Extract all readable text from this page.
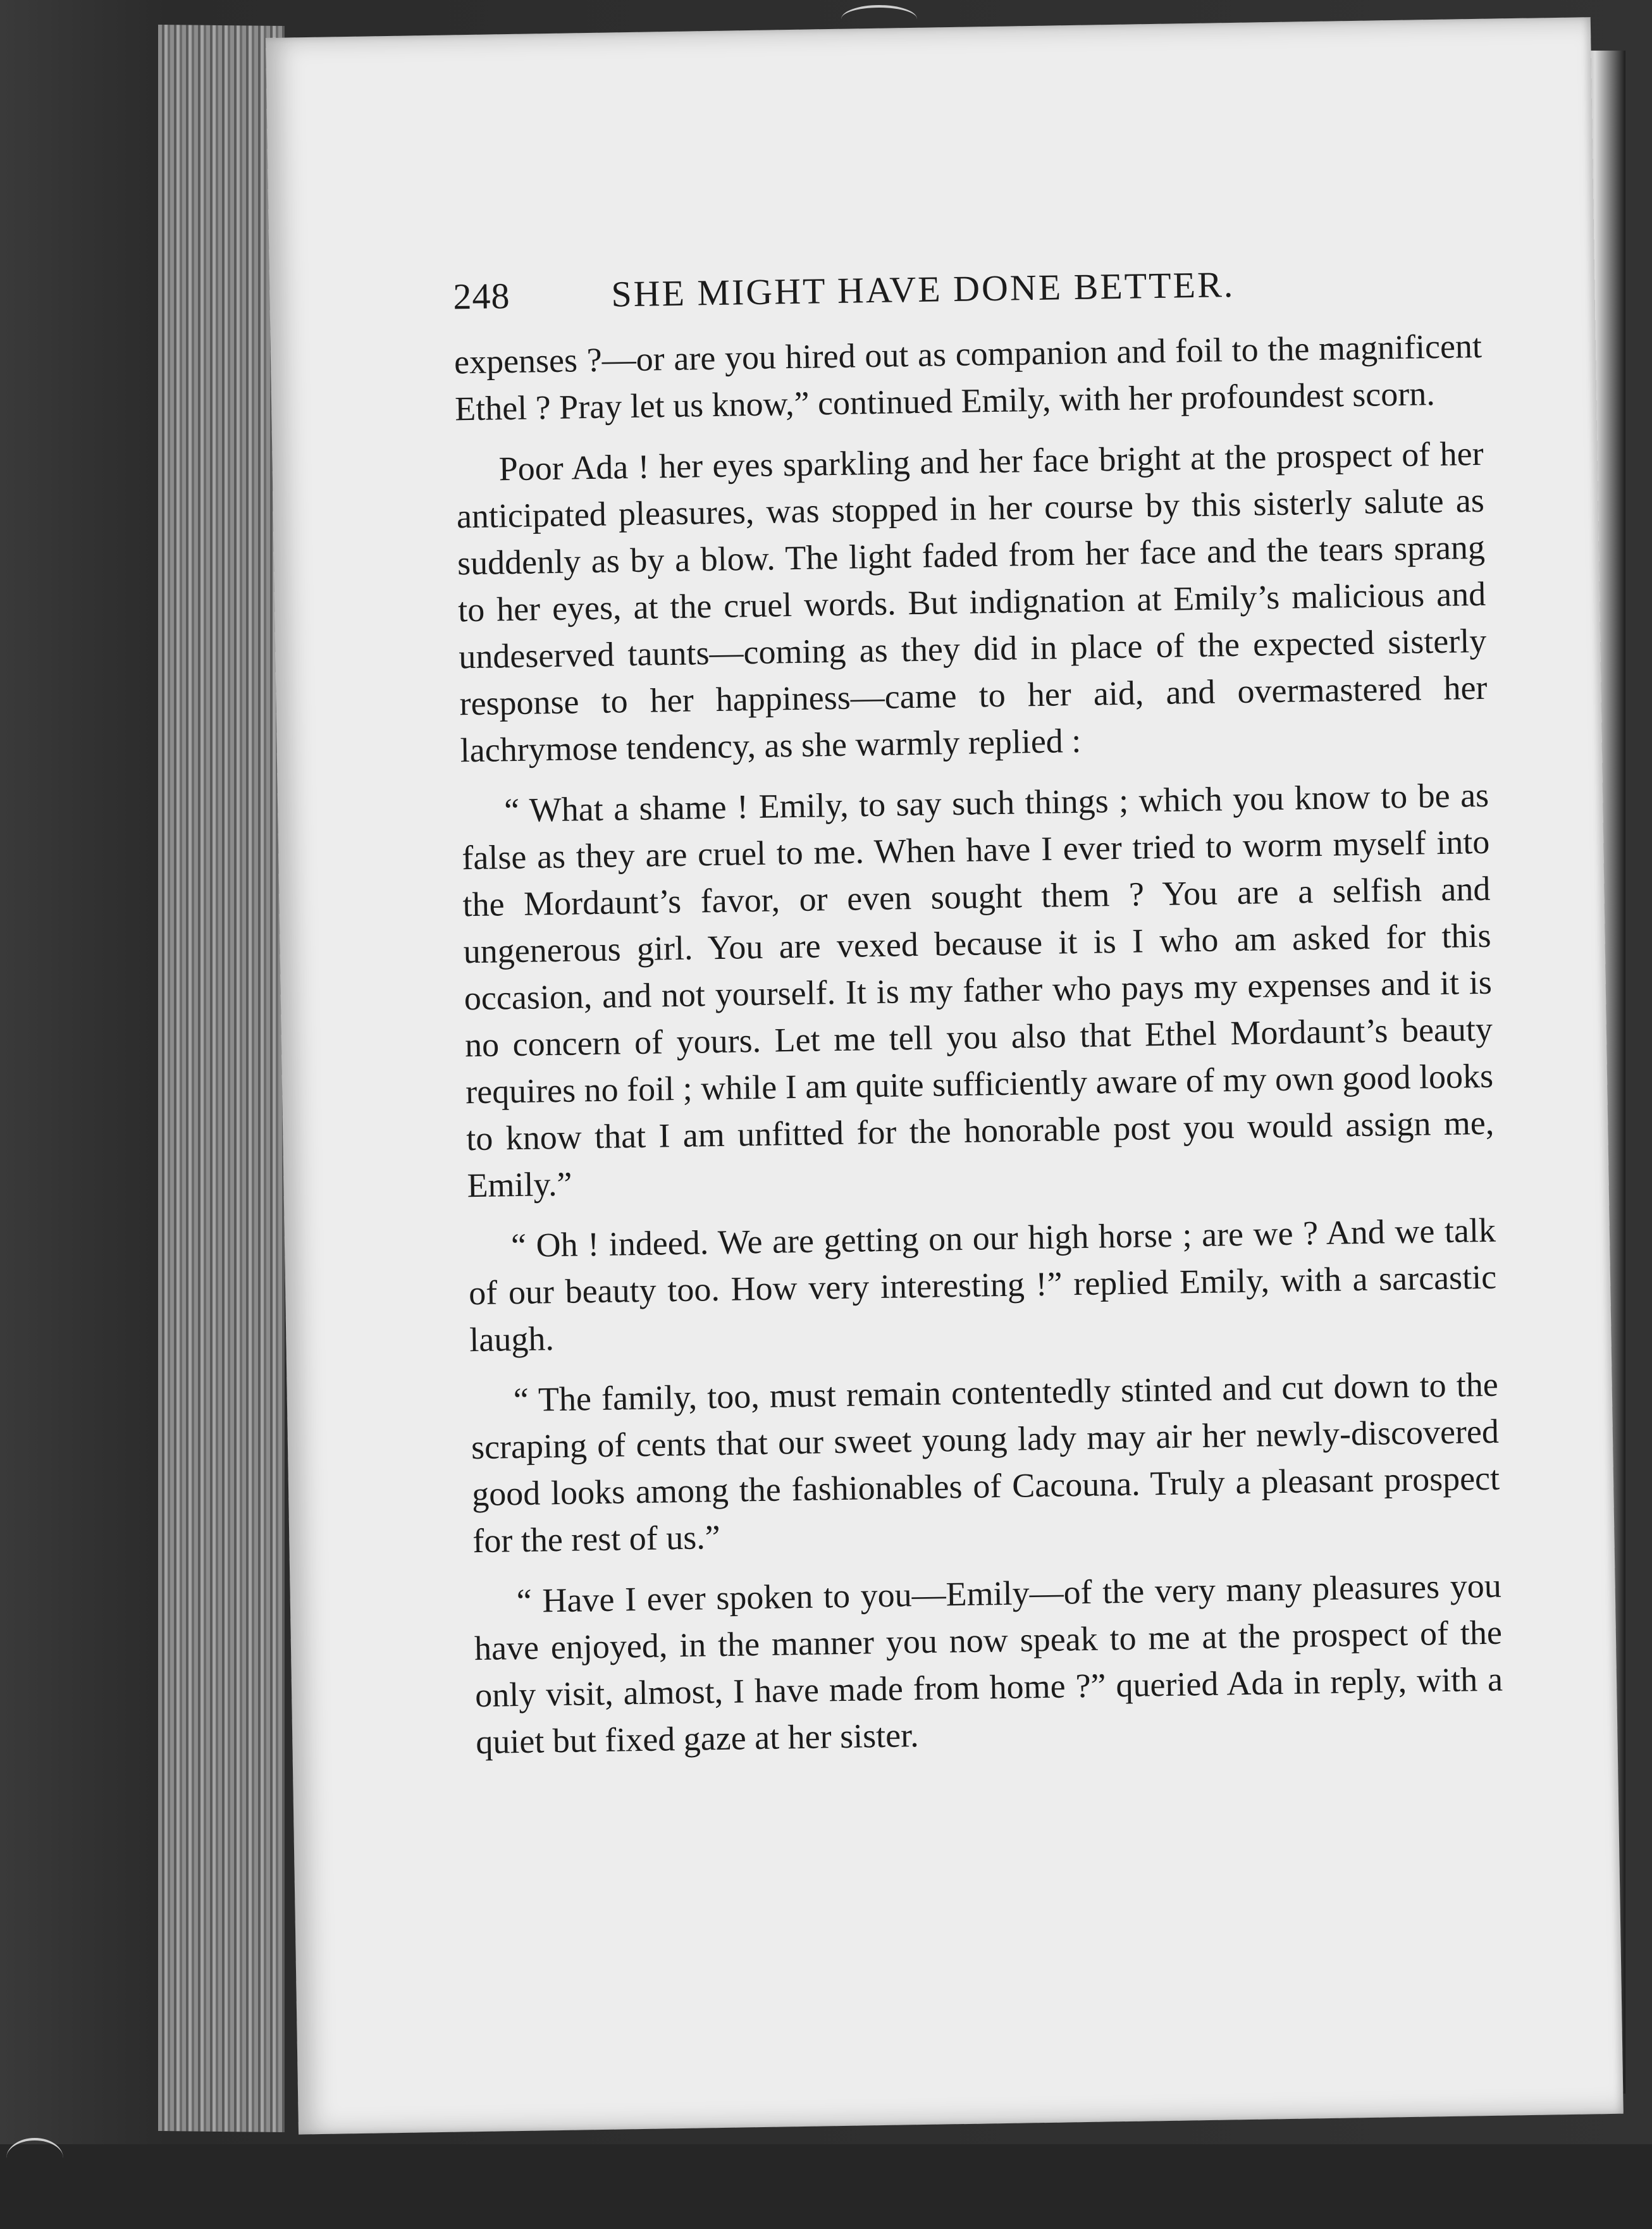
248	SHE MIGHT HAVE DONE BETTER.

expenses ?—or are you hired out as companion and foil to the magnificent Ethel ? Pray let us know,” continued Emily, with her profoundest scorn.

Poor Ada ! her eyes sparkling and her face bright at the prospect of her anticipated pleasures, was stopped in her course by this sisterly salute as suddenly as by a blow. The light faded from her face and the tears sprang to her eyes, at the cruel words. But indignation at Emily’s malicious and undeserved taunts—coming as they did in place of the expected sisterly response to her happiness—came to her aid, and overmastered her lachrymose tendency, as she warmly replied :

“ What a shame ! Emily, to say such things ; which you know to be as false as they are cruel to me. When have I ever tried to worm myself into the Mordaunt’s favor, or even sought them ? You are a selfish and ungenerous girl. You are vexed because it is I who am asked for this occasion, and not yourself. It is my father who pays my expenses and it is no concern of yours. Let me tell you also that Ethel Mordaunt’s beauty requires no foil ; while I am quite sufficiently aware of my own good looks to know that I am unfitted for the honorable post you would assign me, Emily.”

“ Oh ! indeed. We are getting on our high horse ; are we ? And we talk of our beauty too. How very interesting !” replied Emily, with a sarcastic laugh.

“ The family, too, must remain contentedly stinted and cut down to the scraping of cents that our sweet young lady may air her newly-discovered good looks among the fashionables of Cacouna. Truly a pleasant prospect for the rest of us.”

“ Have I ever spoken to you—Emily—of the very many pleasures you have enjoyed, in the manner you now speak to me at the prospect of the only visit, almost, I have made from home ?” queried Ada in reply, with a quiet but fixed gaze at her sister.
